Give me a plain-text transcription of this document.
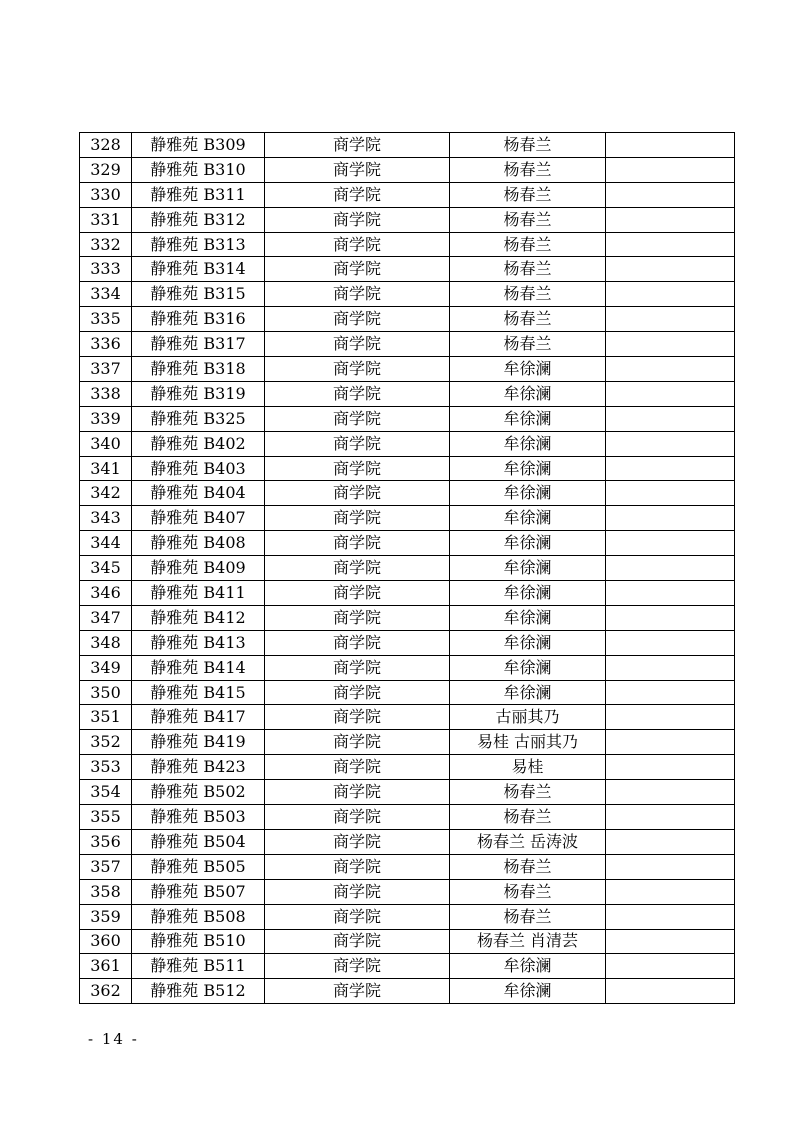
328	静雅苑 B309	商学院	杨春兰	
329	静雅苑 B310	商学院	杨春兰	
330	静雅苑 B311	商学院	杨春兰	
331	静雅苑 B312	商学院	杨春兰	
332	静雅苑 B313	商学院	杨春兰	
333	静雅苑 B314	商学院	杨春兰	
334	静雅苑 B315	商学院	杨春兰	
335	静雅苑 B316	商学院	杨春兰	
336	静雅苑 B317	商学院	杨春兰	
337	静雅苑 B318	商学院	牟徐澜	
338	静雅苑 B319	商学院	牟徐澜	
339	静雅苑 B325	商学院	牟徐澜	
340	静雅苑 B402	商学院	牟徐澜	
341	静雅苑 B403	商学院	牟徐澜	
342	静雅苑 B404	商学院	牟徐澜	
343	静雅苑 B407	商学院	牟徐澜	
344	静雅苑 B408	商学院	牟徐澜	
345	静雅苑 B409	商学院	牟徐澜	
346	静雅苑 B411	商学院	牟徐澜	
347	静雅苑 B412	商学院	牟徐澜	
348	静雅苑 B413	商学院	牟徐澜	
349	静雅苑 B414	商学院	牟徐澜	
350	静雅苑 B415	商学院	牟徐澜	
351	静雅苑 B417	商学院	古丽其乃	
352	静雅苑 B419	商学院	易桂 古丽其乃	
353	静雅苑 B423	商学院	易桂	
354	静雅苑 B502	商学院	杨春兰	
355	静雅苑 B503	商学院	杨春兰	
356	静雅苑 B504	商学院	杨春兰 岳涛波	
357	静雅苑 B505	商学院	杨春兰	
358	静雅苑 B507	商学院	杨春兰	
359	静雅苑 B508	商学院	杨春兰	
360	静雅苑 B510	商学院	杨春兰 肖清芸	
361	静雅苑 B511	商学院	牟徐澜	
362	静雅苑 B512	商学院	牟徐澜	
- 14 -
